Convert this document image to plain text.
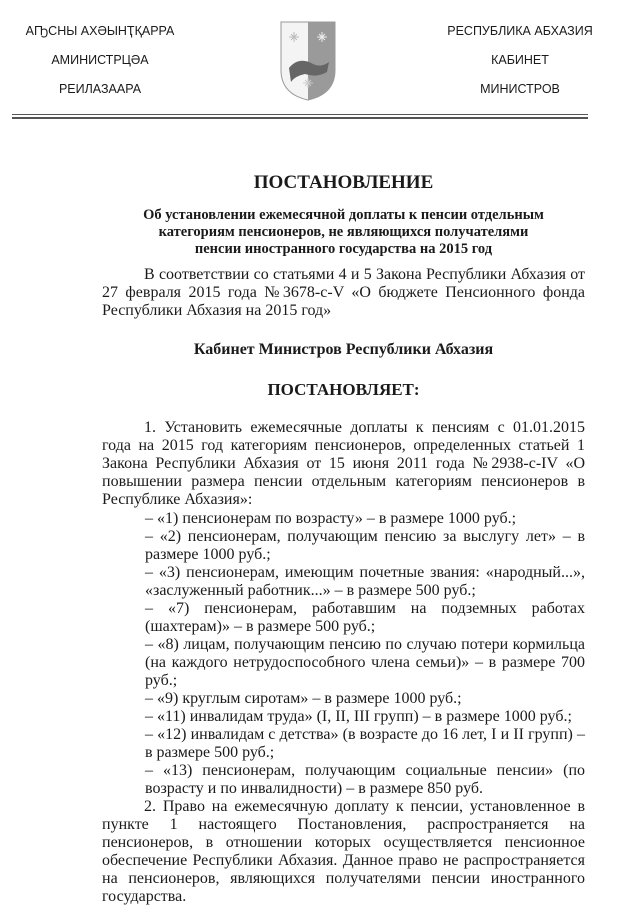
АҦСНЫ АХӘЫНҬҚАРРА
АМИНИСТРЦӘА
РЕИЛАЗААРА
РЕСПУБЛИКА АБХАЗИЯ
КАБИНЕТ
МИНИСТРОВ
ПОСТАНОВЛЕНИЕ
Об установлении ежемесячной доплаты к пенсии отдельным категориям пенсионеров, не являющихся получателями пенсии иностранного государства на 2015 год
В соответствии со статьями 4 и 5 Закона Республики Абхазия от 27 февраля 2015 года №3678-с-V «О бюджете Пенсионного фонда Республики Абхазия на 2015 год»
Кабинет Министров Республики Абхазия
ПОСТАНОВЛЯЕТ:
1. Установить ежемесячные доплаты к пенсиям с 01.01.2015 года на 2015 год категориям пенсионеров, определенных статьей 1 Закона Республики Абхазия от 15 июня 2011 года №2938-с-IV «О повышении размера пенсии отдельным категориям пенсионеров в Республике Абхазия»:
– «1) пенсионерам по возрасту» – в размере 1000 руб.;
– «2) пенсионерам, получающим пенсию за выслугу лет» – в размере 1000 руб.;
– «3) пенсионерам, имеющим почетные звания: «народный...», «заслуженный работник...» – в размере 500 руб.;
– «7) пенсионерам, работавшим на подземных работах (шахтерам)» – в размере 500 руб.;
– «8) лицам, получающим пенсию по случаю потери кормильца (на каждого нетрудоспособного члена семьи)» – в размере 700 руб.;
– «9) круглым сиротам» – в размере 1000 руб.;
– «11) инвалидам труда» (I, II, III групп) – в размере 1000 руб.;
– «12) инвалидам с детства» (в возрасте до 16 лет, I и II групп) – в размере 500 руб.;
– «13) пенсионерам, получающим социальные пенсии» (по возрасту и по инвалидности) – в размере 850 руб.
2. Право на ежемесячную доплату к пенсии, установленное в пункте 1 настоящего Постановления, распространяется на пенсионеров, в отношении которых осуществляется пенсионное обеспечение Республики Абхазия. Данное право не распространяется на пенсионеров, являющихся получателями пенсии иностранного государства.
